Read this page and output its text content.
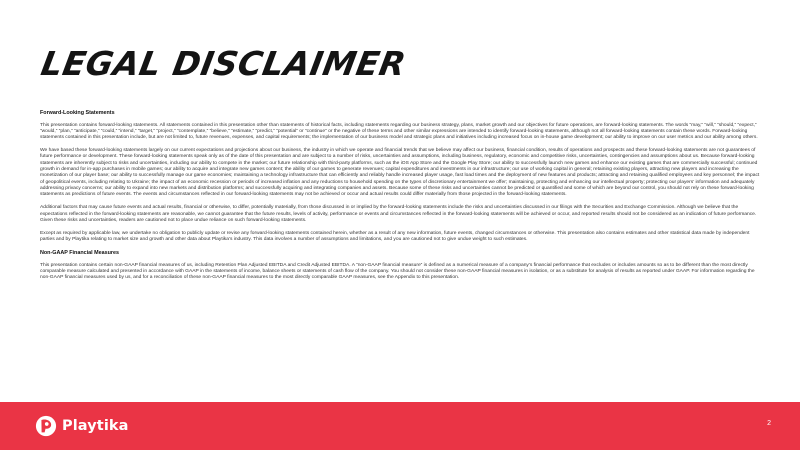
LEGAL DISCLAIMER
Forward-Looking Statements

This presentation contains forward-looking statements. All statements contained in this presentation other than statements of historical facts, including statements regarding our business strategy, plans, market growth and our objectives for future operations, are forward-looking statements. The words “may,” “will,” “should,” “expect,” “would,” “plan,” “anticipate,” “could,” “intend,” “target,” “project,” “contemplate,” “believe,” “estimate,” “predict,” “potential” or “continue” or the negative of these terms and other similar expressions are intended to identify forward-looking statements, although not all forward-looking statements contain these words. Forward-looking statements contained in this presentation include, but are not limited to, future revenues, expenses, and capital requirements; the implementation of our business model and strategic plans and initiatives including increased focus on in-house game development; our ability to improve on our user metrics and our ability among others.

We have based these forward-looking statements largely on our current expectations and projections about our business, the industry in which we operate and financial trends that we believe may affect our business, financial condition, results of operations and prospects and these forward-looking statements are not guarantees of future performance or development. These forward-looking statements speak only as of the date of this presentation and are subject to a number of risks, uncertainties and assumptions, including business, regulatory, economic and competitive risks, uncertainties, contingencies and assumptions about us. Because forward-looking statements are inherently subject to risks and uncertainties, including our ability to compete in the market; our future relationship with third-party platforms, such as the iOS App Store and the Google Play Store; our ability to successfully launch new games and enhance our existing games that are commercially successful; continued growth in demand for in-app purchases in mobile games; our ability to acquire and integrate new games content; the ability of our games to generate revenues; capital expenditures and investments in our infrastructure; our use of working capital in general; retaining existing players, attracting new players and increasing the monetization of our player base; our ability to successfully manage our game economies; maintaining a technology infrastructure that can efficiently and reliably handle increased player usage, fast load times and the deployment of new features and products; attracting and retaining qualified employees and key personnel; the impact of geopolitical events, including relating to Ukraine; the impact of an economic recession or periods of increased inflation and any reductions to household spending on the types of discretionary entertainment we offer; maintaining, protecting and enhancing our intellectual property; protecting our players’ information and adequately addressing privacy concerns; our ability to expand into new markets and distribution platforms; and successfully acquiring and integrating companies and assets. Because some of these risks and uncertainties cannot be predicted or quantified and some of which are beyond our control, you should not rely on these forward-looking statements as predictions of future events. The events and circumstances reflected in our forward-looking statements may not be achieved or occur and actual results could differ materially from those projected in the forward-looking statements.

Additional factors that may cause future events and actual results, financial or otherwise, to differ, potentially materially, from those discussed in or implied by the forward-looking statements include the risks and uncertainties discussed in our filings with the Securities and Exchange Commission. Although we believe that the expectations reflected in the forward-looking statements are reasonable, we cannot guarantee that the future results, levels of activity, performance or events and circumstances reflected in the forward-looking statements will be achieved or occur, and reported results should not be considered as an indication of future performance. Given these risks and uncertainties, readers are cautioned not to place undue reliance on such forward-looking statements.

Except as required by applicable law, we undertake no obligation to publicly update or revise any forward-looking statements contained herein, whether as a result of any new information, future events, changed circumstances or otherwise. This presentation also contains estimates and other statistical data made by independent parties and by Playtika relating to market size and growth and other data about Playtika’s industry. This data involves a number of assumptions and limitations, and you are cautioned not to give undue weight to such estimates.

Non-GAAP Financial Measures

This presentation contains certain non-GAAP financial measures of us, including Retention Plan Adjusted EBITDA and Credit Adjusted EBITDA. A “non-GAAP financial measure” is defined as a numerical measure of a company’s financial performance that excludes or includes amounts so as to be different than the most directly comparable measure calculated and presented in accordance with GAAP in the statements of income, balance sheets or statements of cash flow of the company. You should not consider these non-GAAP financial measures in isolation, or as a substitute for analysis of results as reported under GAAP. For information regarding the non-GAAP financial measures used by us, and for a reconciliation of these non-GAAP financial measures to the most directly comparable GAAP measures, see the Appendix to this presentation.

Playtika	2
